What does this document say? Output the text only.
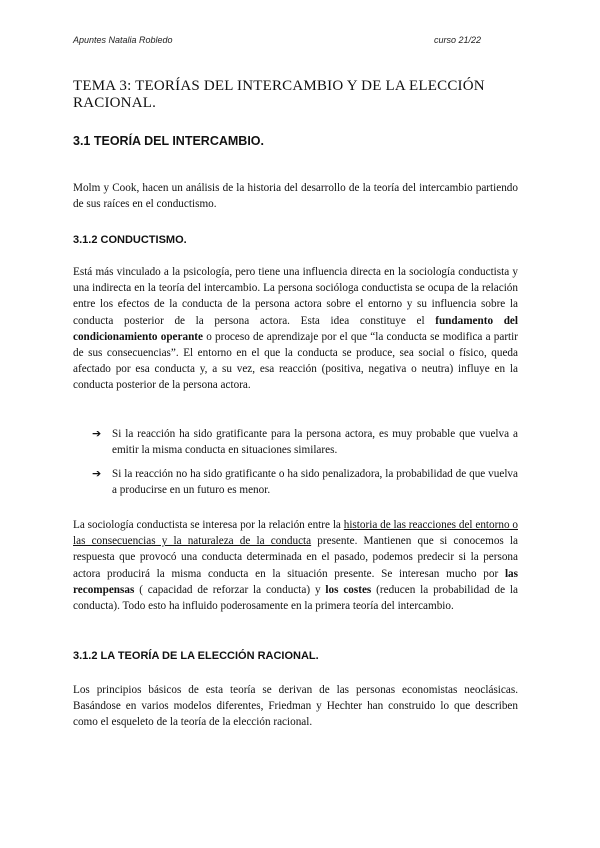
Apuntes Natalia Robledo	curso 21/22
TEMA 3: TEORÍAS DEL INTERCAMBIO Y DE LA ELECCIÓN RACIONAL.
3.1 TEORÍA DEL INTERCAMBIO.

Molm y Cook, hacen un análisis de la historia del desarrollo de la teoría del intercambio partiendo de sus raíces en el conductismo.

3.1.2 CONDUCTISMO.

Está más vinculado a la psicología, pero tiene una influencia directa en la sociología conductista y una indirecta en la teoría del intercambio. La persona socióloga conductista se ocupa de la relación entre los efectos de la conducta de la persona actora sobre el entorno y su influencia sobre la conducta posterior de la persona actora. Esta idea constituye el fundamento del condicionamiento operante o proceso de aprendizaje por el que “la conducta se modifica a partir de sus consecuencias”. El entorno en el que la conducta se produce, sea social o físico, queda afectado por esa conducta y, a su vez, esa reacción (positiva, negativa o neutra) influye en la conducta posterior de la persona actora.

➔ Si la reacción ha sido gratificante para la persona actora, es muy probable que vuelva a emitir la misma conducta en situaciones similares.
➔ Si la reacción no ha sido gratificante o ha sido penalizadora, la probabilidad de que vuelva a producirse en un futuro es menor.

La sociología conductista se interesa por la relación entre la historia de las reacciones del entorno o las consecuencias y la naturaleza de la conducta presente. Mantienen que si conocemos la respuesta que provocó una conducta determinada en el pasado, podemos predecir si la persona actora producirá la misma conducta en la situación presente. Se interesan mucho por las recompensas ( capacidad de reforzar la conducta) y los costes (reducen la probabilidad de la conducta). Todo esto ha influido poderosamente en la primera teoría del intercambio.

3.1.2 LA TEORÍA DE LA ELECCIÓN RACIONAL.

Los principios básicos de esta teoría se derivan de las personas economistas neoclásicas. Basándose en varios modelos diferentes, Friedman y Hechter han construido lo que describen como el esqueleto de la teoría de la elección racional.
